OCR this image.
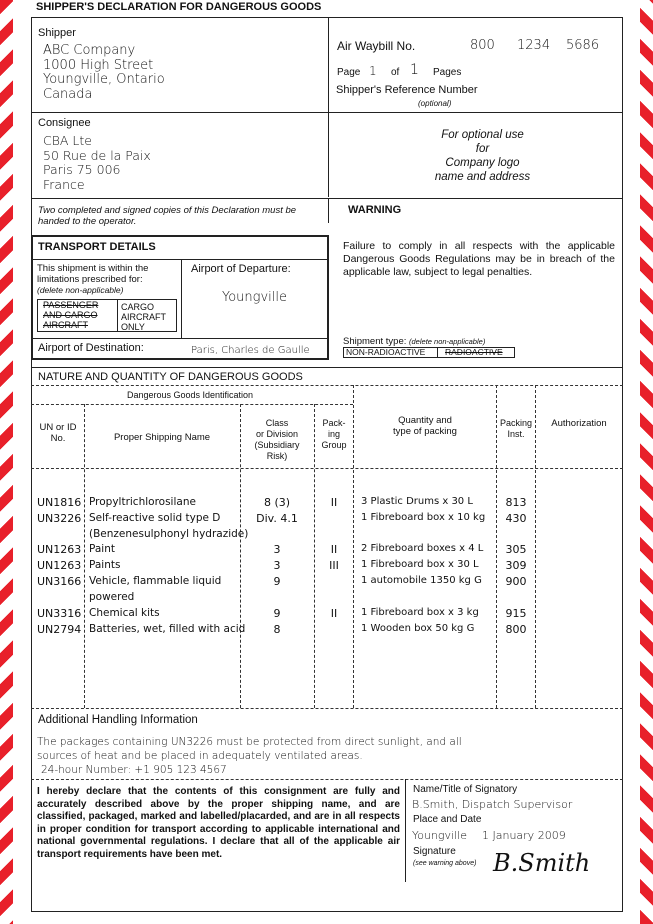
SHIPPER'S DECLARATION FOR DANGEROUS GOODS
Shipper
ABC Company
1000 High Street
Youngville, Ontario
Canada
Air Waybill No.	800 1234 5686
Page 1 of 1 Pages
Shipper's Reference Number
(optional)
Consignee
CBA Lte
50 Rue de la Paix
Paris 75 006
France
For optional use
for
Company logo
name and address
Two completed and signed copies of this Declaration must be handed to the operator.
WARNING
Failure to comply in all respects with the applicable Dangerous Goods Regulations may be in breach of the applicable law, subject to legal penalties.
TRANSPORT DETAILS
This shipment is within the limitations prescribed for:
(delete non-applicable)
PASSENGER
AND CARGO
AIRCRAFT
CARGO
AIRCRAFT
ONLY
Airport of Departure:
Youngville
Airport of Destination:	Paris, Charles de Gaulle
Shipment type: (delete non-applicable)
NON-RADIOACTIVE RADIOACTIVE
NATURE AND QUANTITY OF DANGEROUS GOODS
Dangerous Goods Identification
UN or ID
No.	Proper Shipping Name
Class
or Division
(Subsidiary
Risk)
Pack-
ing
Group
Quantity and
type of packing
Packing
Inst.
Authorization
UN1816 Propyltrichlorosilane	8 (3)	II	3 Plastic Drums x 30 L	813
UN3226 Self-reactive solid type D	Div. 4.1	1 Fibreboard box x 10 kg	430
(Benzenesulphonyl hydrazide)
UN1263 Paint	3	II	2 Fibreboard boxes x 4 L	305
UN1263 Paints	3	III	1 Fibreboard box x 30 L	309
UN3166 Vehicle, flammable liquid	9	1 automobile 1350 kg G	900
powered
UN3316 Chemical kits	9	II	1 Fibreboard box x 3 kg	915
UN2794 Batteries, wet, filled with acid	8	1 Wooden box 50 kg G	800
Additional Handling Information
The packages containing UN3226 must be protected from direct sunlight, and all
sources of heat and be placed in adequately ventilated areas.
24-hour Number: +1 905 123 4567
I hereby declare that the contents of this consignment are fully and accurately described above by the proper shipping name, and are classified, packaged, marked and labelled/placarded, and are in all respects in proper condition for transport according to applicable international and national governmental regulations. I declare that all of the applicable air transport requirements have been met.
Name/Title of Signatory
B.Smith, Dispatch Supervisor
Place and Date
Youngville 1 January 2009
Signature
(see warning above) B.Smith
